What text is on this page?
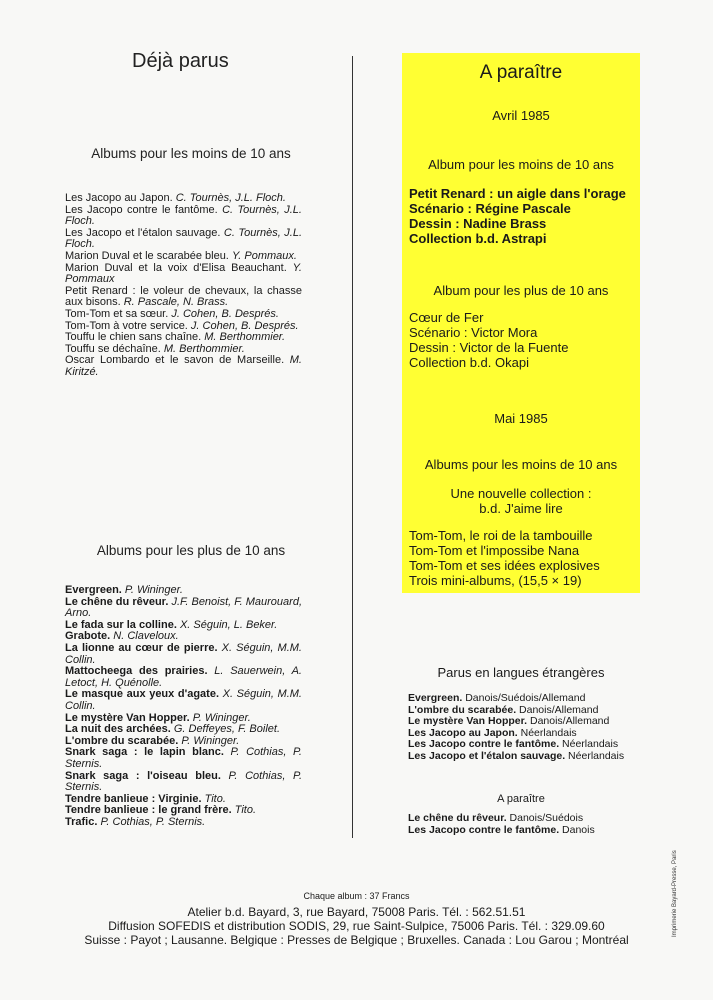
Déjà parus
Albums pour les moins de 10 ans
Les Jacopo au Japon. C. Tournès, J.L. Floch.
Les Jacopo contre le fantôme. C. Tournès, J.L. Floch.
Les Jacopo et l'étalon sauvage. C. Tournès, J.L. Floch.
Marion Duval et le scarabée bleu. Y. Pommaux.
Marion Duval et la voix d'Elisa Beauchant. Y. Pommaux
Petit Renard : le voleur de chevaux, la chasse aux bisons. R. Pascale, N. Brass.
Tom-Tom et sa sœur. J. Cohen, B. Després.
Tom-Tom à votre service. J. Cohen, B. Després.
Touffu le chien sans chaîne. M. Berthommier.
Touffu se déchaîne. M. Berthommier.
Oscar Lombardo et le savon de Marseille. M. Kiritzé.
Albums pour les plus de 10 ans
Evergreen. P. Wininger.
Le chêne du rêveur. J.F. Benoist, F. Maurouard, Arno.
Le fada sur la colline. X. Séguin, L. Beker.
Grabote. N. Claveloux.
La lionne au cœur de pierre. X. Séguin, M.M. Collin.
Mattocheega des prairies. L. Sauerwein, A. Letoct, H. Quénolle.
Le masque aux yeux d'agate. X. Séguin, M.M. Collin.
Le mystère Van Hopper. P. Wininger.
La nuit des archées. G. Deffeyes, F. Boilet.
L'ombre du scarabée. P. Wininger.
Snark saga : le lapin blanc. P. Cothias, P. Sternis.
Snark saga : l'oiseau bleu. P. Cothias, P. Sternis.
Tendre banlieue : Virginie. Tito.
Tendre banlieue : le grand frère. Tito.
Trafic. P. Cothias, P. Sternis.
A paraître
Avril 1985
Album pour les moins de 10 ans
Petit Renard : un aigle dans l'orage
Scénario : Régine Pascale
Dessin : Nadine Brass
Collection b.d. Astrapi
Album pour les plus de 10 ans
Cœur de Fer
Scénario : Victor Mora
Dessin : Victor de la Fuente
Collection b.d. Okapi
Mai 1985
Albums pour les moins de 10 ans
Une nouvelle collection :
b.d. J'aime lire
Tom-Tom, le roi de la tambouille
Tom-Tom et l'impossibe Nana
Tom-Tom et ses idées explosives
Trois mini-albums, (15,5 × 19)
Parus en langues étrangères
Evergreen. Danois/Suédois/Allemand
L'ombre du scarabée. Danois/Allemand
Le mystère Van Hopper. Danois/Allemand
Les Jacopo au Japon. Néerlandais
Les Jacopo contre le fantôme. Néerlandais
Les Jacopo et l'étalon sauvage. Néerlandais
A paraître
Le chêne du rêveur. Danois/Suédois
Les Jacopo contre le fantôme. Danois
Chaque album : 37 Francs
Atelier b.d. Bayard, 3, rue Bayard, 75008 Paris. Tél. : 562.51.51
Diffusion SOFEDIS et distribution SODIS, 29, rue Saint-Sulpice, 75006 Paris. Tél. : 329.09.60
Suisse : Payot ; Lausanne. Belgique : Presses de Belgique ; Bruxelles. Canada : Lou Garou ; Montréal
Imprimerie Bayard-Presse, Paris
